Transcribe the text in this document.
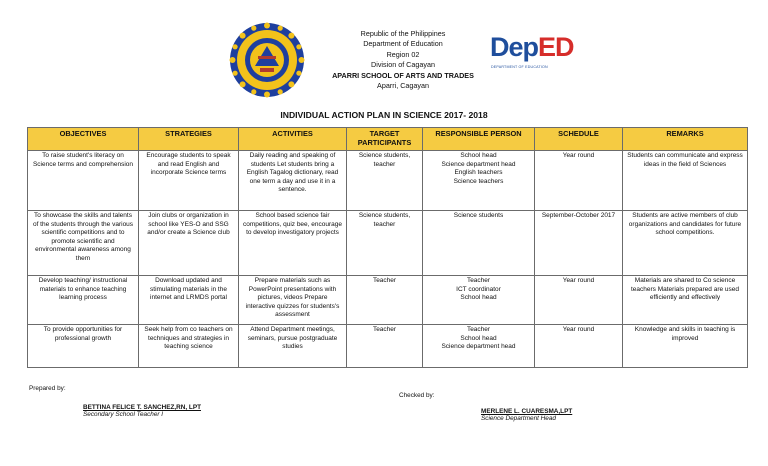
DepED
DEPARTMENT OF EDUCATION
Republic of the Philippines
Department of Education
Region 02
Division of Cagayan
APARRI SCHOOL OF ARTS AND TRADES
Aparri, Cagayan
INDIVIDUAL ACTION PLAN IN SCIENCE 2017- 2018
OBJECTIVES	STRATEGIES	ACTIVITIES	TARGET PARTICIPANTS	RESPONSIBLE PERSON	SCHEDULE	REMARKS
To raise student's literacy on Science terms and comprehension	Encourage students to speak and read English and incorporate Science terms	Daily reading and speaking of students Let students bring a English Tagalog dictionary, read one term a day and use it in a sentence.	Science students, teacher	School head
Science department head
English teachers
Science teachers	Year round	Students can communicate and express ideas in the field of Sciences
To showcase the skills and talents of the students through the various scientific competitions and to promote scientific and environmental awareness among them	Join clubs or organization in school like YES-O and SSG and/or create a Science club	School based science fair competitions, quiz bee, encourage to develop investigatory projects	Science students, teacher	Science students	September-October 2017	Students are active members of club organizations and candidates for future school competitions.
Develop teaching/ instructional materials to enhance teaching learning process	Download updated and stimulating materials in the internet and LRMDS portal	Prepare materials such as PowerPoint presentations with pictures, videos Prepare interactive quizzes for students's assessment	Teacher	Teacher
ICT coordinator
School head	Year round	Materials are shared to Co science teachers Materials prepared are used efficiently and effectively
To provide opportunities for professional growth	Seek help from co teachers on techniques and strategies in teaching science	Attend Department meetings, seminars, pursue postgraduate studies	Teacher	Teacher
School head
Science department head	Year round	Knowledge and skills in teaching is improved
Prepared by:
BETTINA FELICE T. SANCHEZ,RN, LPT
Secondary School Teacher I
Checked by:
MERLENE L. CUARESMA,LPT
Science Department Head
